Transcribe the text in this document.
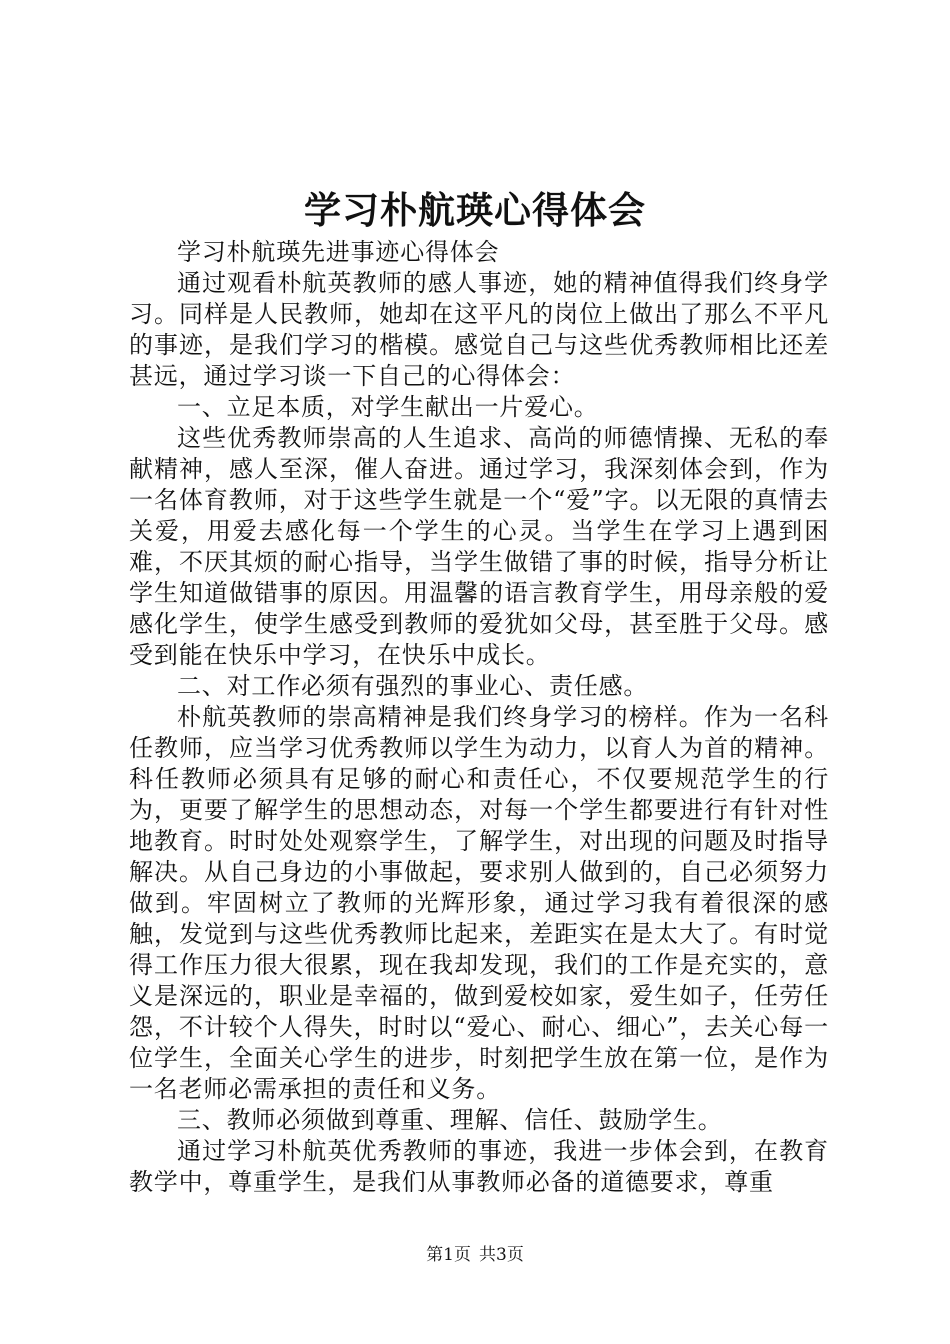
学习朴航瑛心得体会

学习朴航瑛先进事迹心得体会

通过观看朴航英教师的感人事迹，她的精神值得我们终身学习。同样是人民教师，她却在这平凡的岗位上做出了那么不平凡的事迹，是我们学习的楷模。感觉自己与这些优秀教师相比还差甚远，通过学习谈一下自己的心得体会：

一、立足本质，对学生献出一片爱心。

这些优秀教师崇高的人生追求、高尚的师德情操、无私的奉献精神，感人至深，催人奋进。通过学习，我深刻体会到，作为一名体育教师，对于这些学生就是一个“爱”字。以无限的真情去关爱，用爱去感化每一个学生的心灵。当学生在学习上遇到困难，不厌其烦的耐心指导，当学生做错了事的时候，指导分析让学生知道做错事的原因。用温馨的语言教育学生，用母亲般的爱感化学生，使学生感受到教师的爱犹如父母，甚至胜于父母。感受到能在快乐中学习，在快乐中成长。

二、对工作必须有强烈的事业心、责任感。

朴航英教师的崇高精神是我们终身学习的榜样。作为一名科任教师，应当学习优秀教师以学生为动力，以育人为首的精神。科任教师必须具有足够的耐心和责任心，不仅要规范学生的行为，更要了解学生的思想动态，对每一个学生都要进行有针对性地教育。时时处处观察学生，了解学生，对出现的问题及时指导解决。从自己身边的小事做起，要求别人做到的，自己必须努力做到。牢固树立了教师的光辉形象，通过学习我有着很深的感触，发觉到与这些优秀教师比起来，差距实在是太大了。有时觉得工作压力很大很累，现在我却发现，我们的工作是充实的，意义是深远的，职业是幸福的，做到爱校如家，爱生如子，任劳任怨，不计较个人得失，时时以“爱心、耐心、细心”，去关心每一位学生，全面关心学生的进步，时刻把学生放在第一位，是作为一名老师必需承担的责任和义务。

三、教师必须做到尊重、理解、信任、鼓励学生。

通过学习朴航英优秀教师的事迹，我进一步体会到，在教育教学中，尊重学生，是我们从事教师必备的道德要求，尊重

第1页 共3页
